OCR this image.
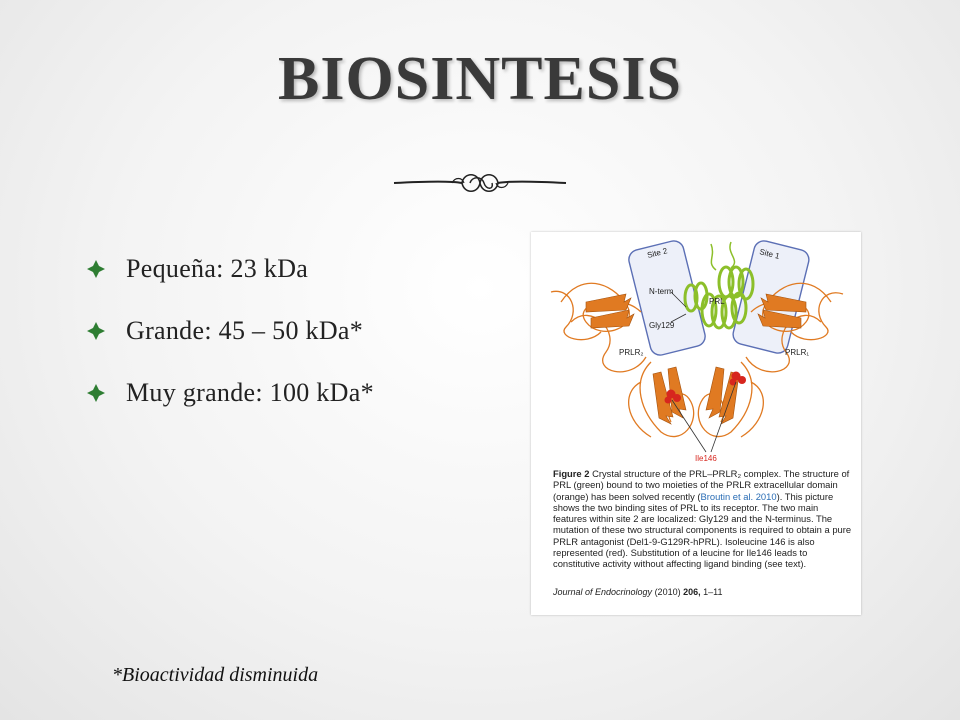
BIOSINTESIS
Pequeña: 23 kDa
Grande: 45 – 50 kDa*
Muy grande: 100 kDa*
Site 2	Site 1
N-term
PRL
Gly129
PRLR₂	PRLR₁
Ile146
Figure 2 Crystal structure of the PRL–PRLR₂ complex. The structure of PRL (green) bound to two moieties of the PRLR extracellular domain (orange) has been solved recently (Broutin et al. 2010). This picture shows the two binding sites of PRL to its receptor. The two main features within site 2 are localized: Gly129 and the N-terminus. The mutation of these two structural components is required to obtain a pure PRLR antagonist (Del1-9-G129R-hPRL). Isoleucine 146 is also represented (red). Substitution of a leucine for Ile146 leads to constitutive activity without affecting ligand binding (see text).
Journal of Endocrinology (2010) 206, 1–11
*Bioactividad disminuida
